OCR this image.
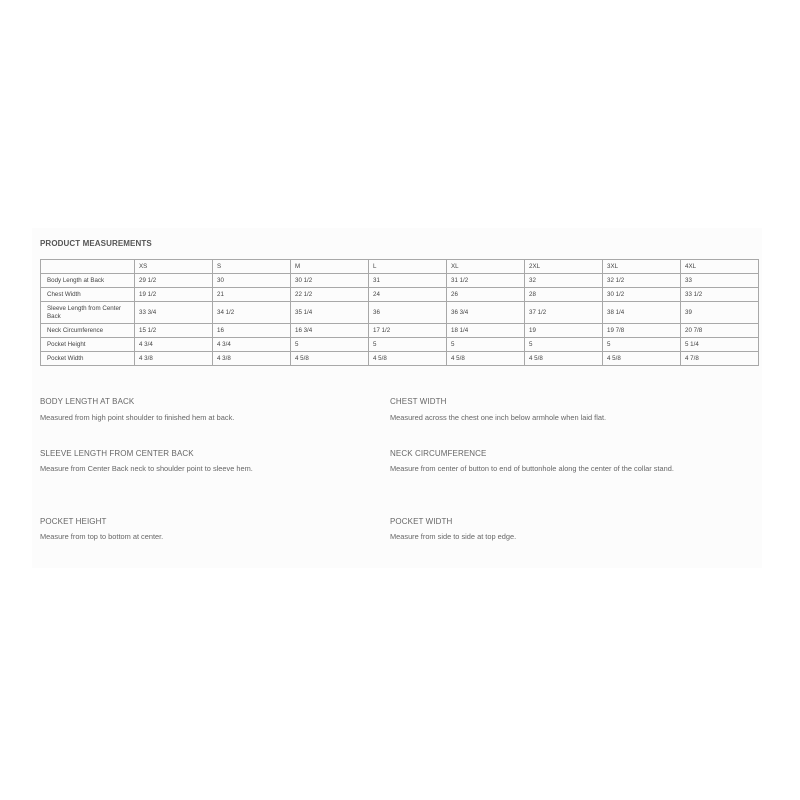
PRODUCT MEASUREMENTS
	XS	S	M	L	XL	2XL	3XL	4XL
Body Length at Back	29 1/2	30	30 1/2	31	31 1/2	32	32 1/2	33
Chest Width	19 1/2	21	22 1/2	24	26	28	30 1/2	33 1/2
Sleeve Length from Center Back	33 3/4	34 1/2	35 1/4	36	36 3/4	37 1/2	38 1/4	39
Neck Circumference	15 1/2	16	16 3/4	17 1/2	18 1/4	19	19 7/8	20 7/8
Pocket Height	4 3/4	4 3/4	5	5	5	5	5	5 1/4
Pocket Width	4 3/8	4 3/8	4 5/8	4 5/8	4 5/8	4 5/8	4 5/8	4 7/8
BODY LENGTH AT BACK
Measured from high point shoulder to finished hem at back.
CHEST WIDTH
Measured across the chest one inch below armhole when laid flat.
SLEEVE LENGTH FROM CENTER BACK
Measure from Center Back neck to shoulder point to sleeve hem.
NECK CIRCUMFERENCE
Measure from center of button to end of buttonhole along the center of the collar stand.
POCKET HEIGHT
Measure from top to bottom at center.
POCKET WIDTH
Measure from side to side at top edge.
